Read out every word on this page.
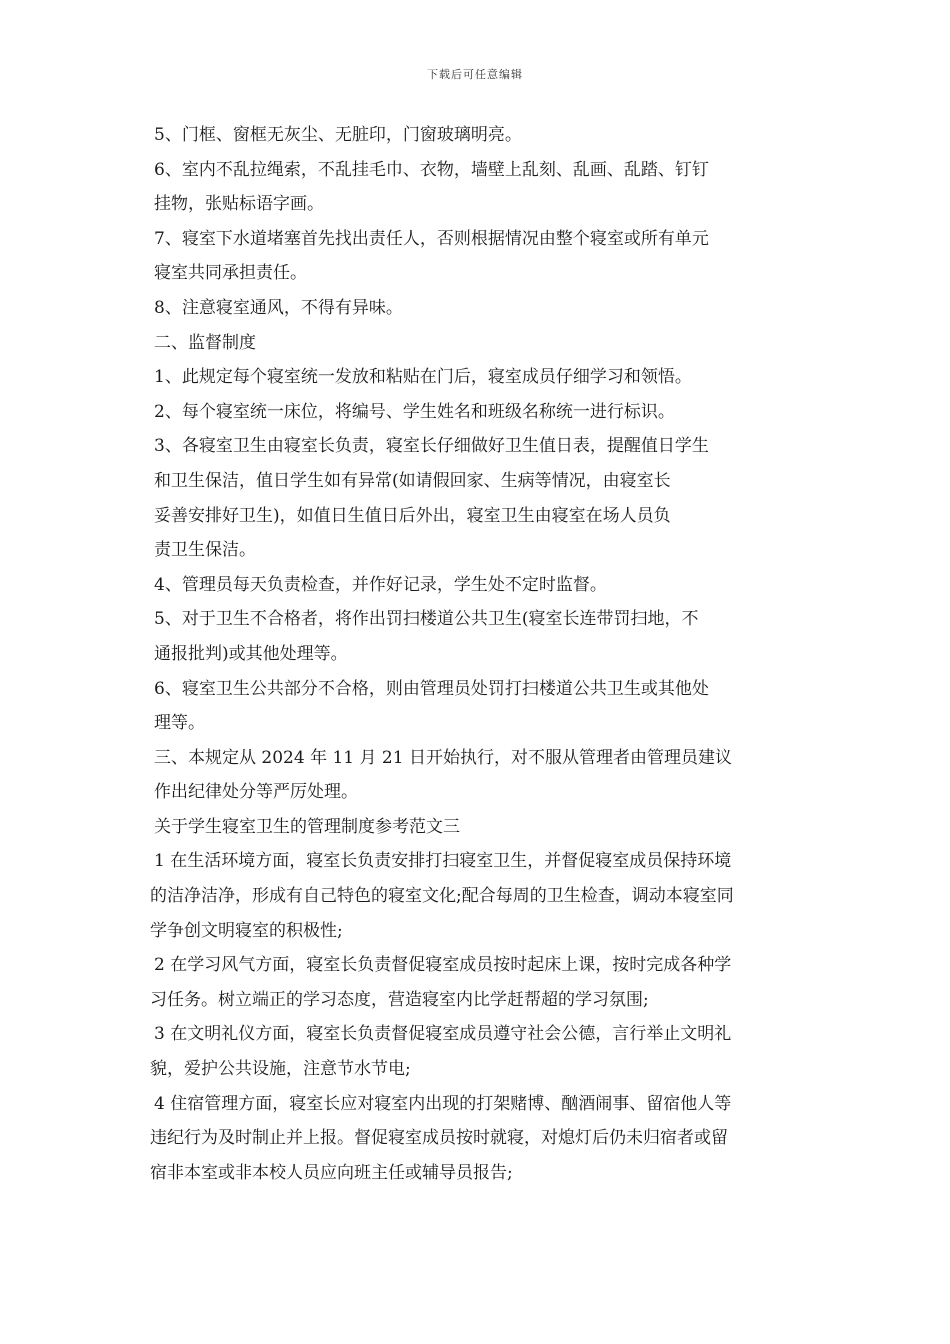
下载后可任意编辑
5、门框、窗框无灰尘、无脏印，门窗玻璃明亮。
6、室内不乱拉绳索，不乱挂毛巾、衣物，墙壁上乱刻、乱画、乱踏、钉钉
挂物，张贴标语字画。
7、寝室下水道堵塞首先找出责任人，否则根据情况由整个寝室或所有单元
寝室共同承担责任。
8、注意寝室通风，不得有异味。
二、监督制度
1、此规定每个寝室统一发放和粘贴在门后，寝室成员仔细学习和领悟。
2、每个寝室统一床位，将编号、学生姓名和班级名称统一进行标识。
3、各寝室卫生由寝室长负责，寝室长仔细做好卫生值日表，提醒值日学生
和卫生保洁，值日学生如有异常(如请假回家、生病等情况，由寝室长
妥善安排好卫生)，如值日生值日后外出，寝室卫生由寝室在场人员负
责卫生保洁。
4、管理员每天负责检查，并作好记录，学生处不定时监督。
5、对于卫生不合格者，将作出罚扫楼道公共卫生(寝室长连带罚扫地，不
通报批判)或其他处理等。
6、寝室卫生公共部分不合格，则由管理员处罚打扫楼道公共卫生或其他处
理等。
三、本规定从 2024 年 11 月 21 日开始执行，对不服从管理者由管理员建议
作出纪律处分等严厉处理。
关于学生寝室卫生的管理制度参考范文三
1 在生活环境方面，寝室长负责安排打扫寝室卫生，并督促寝室成员保持环境
的洁净洁净，形成有自己特色的寝室文化;配合每周的卫生检查，调动本寝室同
学争创文明寝室的积极性;
2 在学习风气方面，寝室长负责督促寝室成员按时起床上课，按时完成各种学
习任务。树立端正的学习态度，营造寝室内比学赶帮超的学习氛围;
3 在文明礼仪方面，寝室长负责督促寝室成员遵守社会公德，言行举止文明礼
貌，爱护公共设施，注意节水节电;
4 住宿管理方面，寝室长应对寝室内出现的打架赌博、酗酒闹事、留宿他人等
违纪行为及时制止并上报。督促寝室成员按时就寝，对熄灯后仍未归宿者或留
宿非本室或非本校人员应向班主任或辅导员报告;
